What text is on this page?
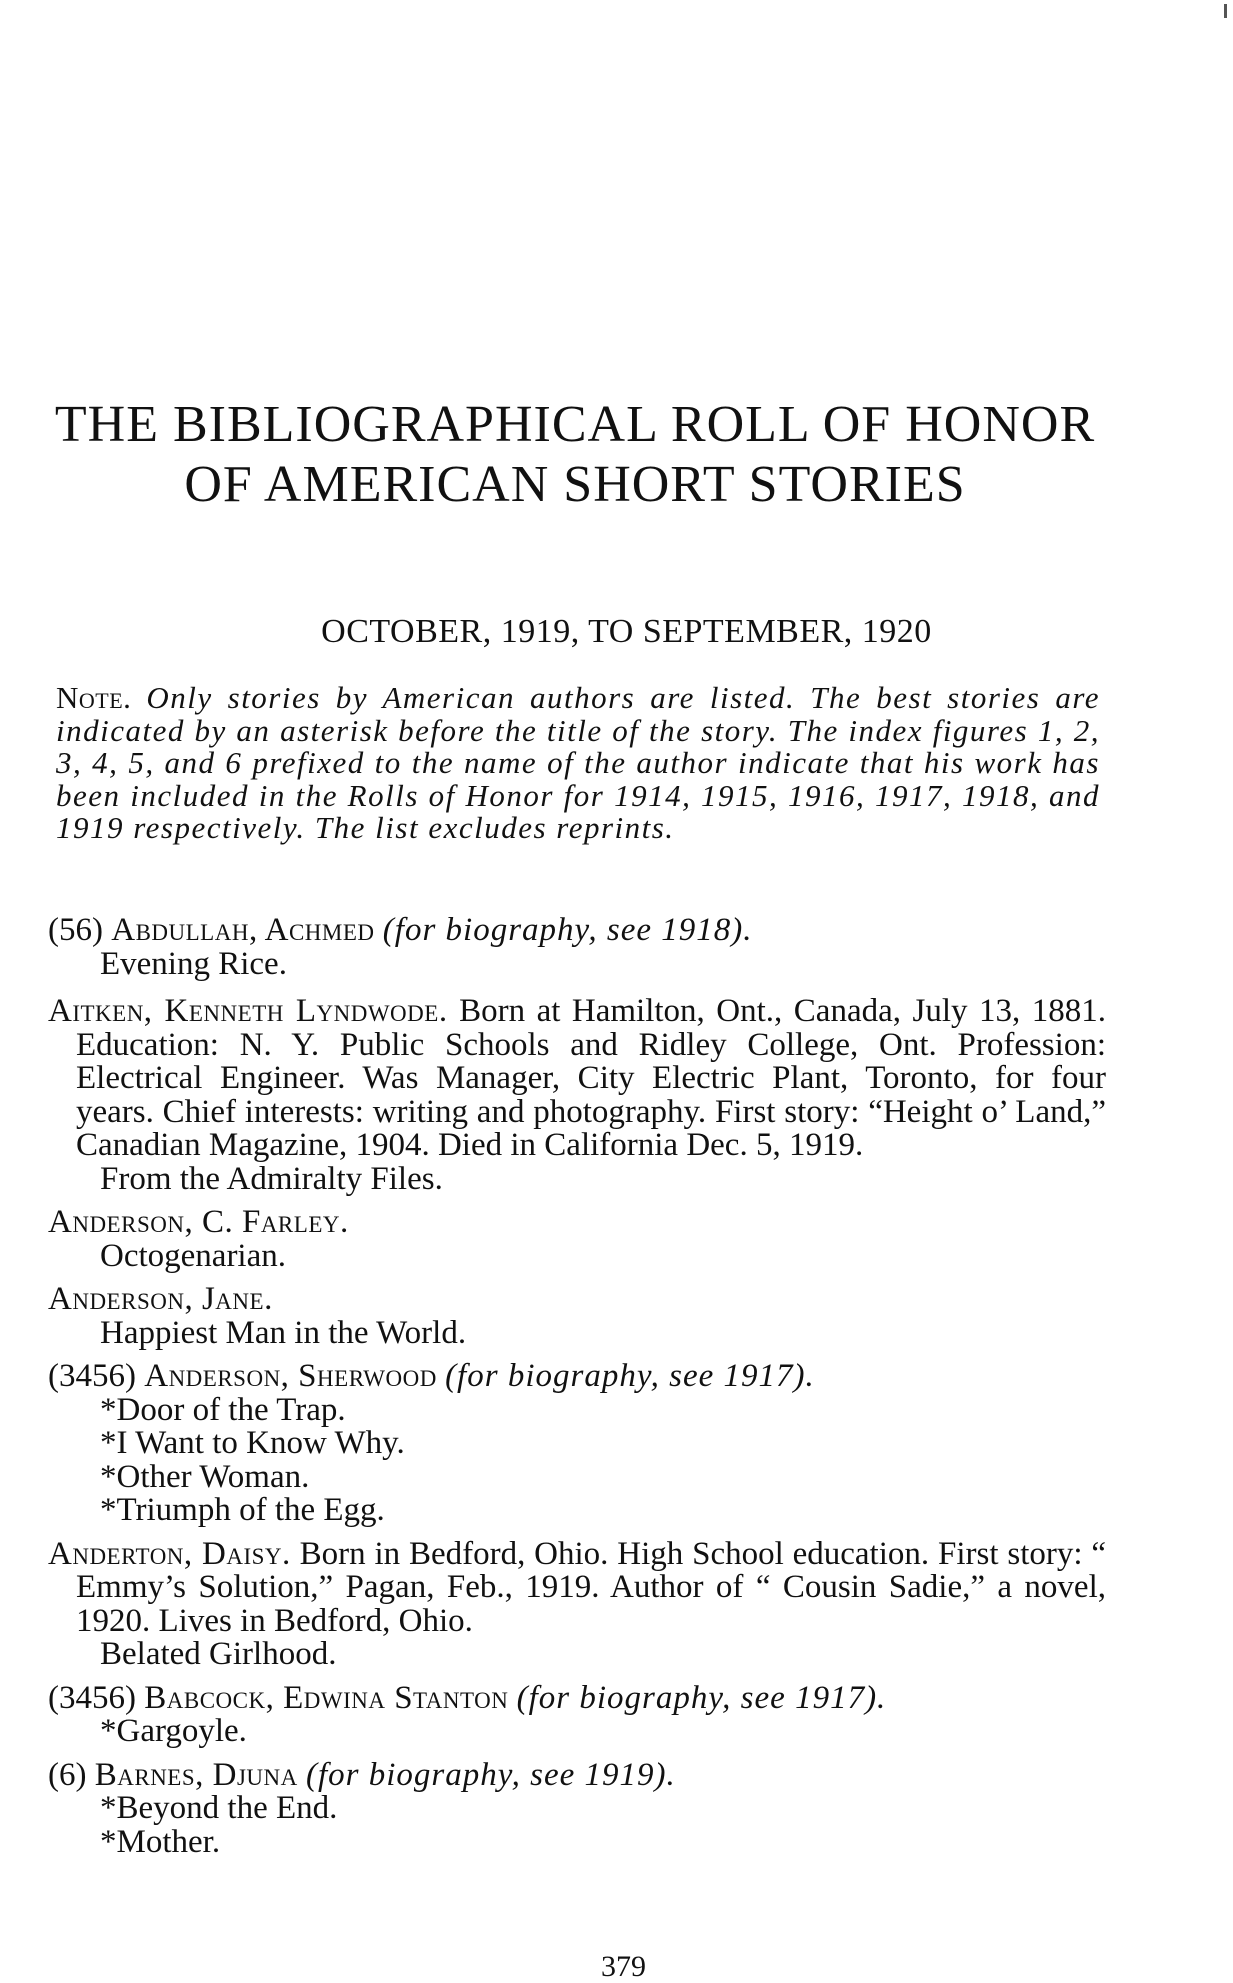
THE BIBLIOGRAPHICAL ROLL OF HONOR OF AMERICAN SHORT STORIES

OCTOBER, 1919, TO SEPTEMBER, 1920

Note. Only stories by American authors are listed. The best stories are indicated by an asterisk before the title of the story. The index figures 1, 2, 3, 4, 5, and 6 prefixed to the name of the author indicate that his work has been included in the Rolls of Honor for 1914, 1915, 1916, 1917, 1918, and 1919 respectively. The list excludes reprints.

(56) Abdullah, Achmed (for biography, see 1918).

Evening Rice.

Aitken, Kenneth Lyndwode. Born at Hamilton, Ont., Canada, July 13, 1881. Education: N. Y. Public Schools and Ridley College, Ont. Profession: Electrical Engineer. Was Manager, City Electric Plant, Toronto, for four years. Chief interests: writing and photography. First story: “Height o’ Land,” Canadian Magazine, 1904. Died in California Dec. 5, 1919.

From the Admiralty Files.

Anderson, C. Farley.

Octogenarian.

Anderson, Jane.

Happiest Man in the World.

(3456) Anderson, Sherwood (for biography, see 1917).

*Door of the Trap.

*I Want to Know Why.

*Other Woman.

*Triumph of the Egg.

Anderton, Daisy. Born in Bedford, Ohio. High School education. First story: “ Emmy’s Solution,” Pagan, Feb., 1919. Author of “ Cousin Sadie,” a novel, 1920. Lives in Bedford, Ohio.

Belated Girlhood.

(3456) Babcock, Edwina Stanton (for biography, see 1917).

*Gargoyle.

(6) Barnes, Djuna (for biography, see 1919).

*Beyond the End.

*Mother.

379
